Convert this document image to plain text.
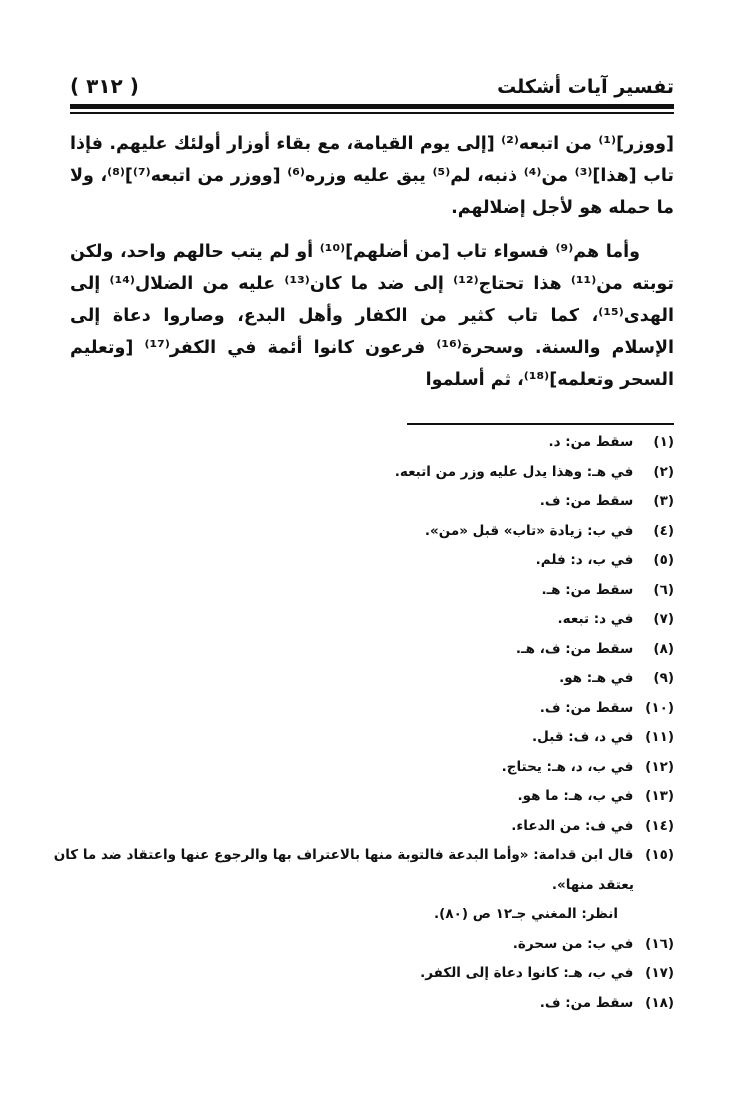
تفسير آيات أشكلت
( ٣١٢ )

[ووزر]⁽¹⁾ من اتبعه⁽²⁾ [إلى يوم القيامة، مع بقاء أوزار أولئك عليهم. فإذا تاب [هذا]⁽³⁾ من⁽⁴⁾ ذنبه، لم⁽⁵⁾ يبق عليه وزره⁽⁶⁾ [ووزر من اتبعه⁽⁷⁾]⁽⁸⁾، ولا ما حمله هو لأجل إضلالهم.

وأما هم⁽⁹⁾ فسواء تاب [من أضلهم]⁽¹⁰⁾ أو لم يتب حالهم واحد، ولكن توبته من⁽¹¹⁾ هذا تحتاج⁽¹²⁾ إلى ضد ما كان⁽¹³⁾ عليه من الضلال⁽¹⁴⁾ إلى الهدى⁽¹⁵⁾، كما تاب كثير من الكفار وأهل البدع، وصاروا دعاة إلى الإسلام والسنة. وسحرة⁽¹⁶⁾ فرعون كانوا أئمة في الكفر⁽¹⁷⁾ [وتعليم السحر وتعلمه]⁽¹⁸⁾، ثم أسلموا

(١) سقط من: د.
(٢) في هـ: وهذا يدل عليه وزر من اتبعه.
(٣) سقط من: ف.
(٤) في ب: زيادة «تاب» قبل «من».
(٥) في ب، د: فلم.
(٦) سقط من: هـ.
(٧) في د: تبعه.
(٨) سقط من: ف، هـ.
(٩) في هـ: هو.
(١٠) سقط من: ف.
(١١) في د، ف: قبل.
(١٢) في ب، د، هـ: يحتاج.
(١٣) في ب، هـ: ما هو.
(١٤) في ف: من الدعاء.
(١٥) قال ابن قدامة: «وأما البدعة فالتوبة منها بالاعتراف بها والرجوع عنها واعتقاد ضد ما كان
يعتقد منها».
انظر: المغني جـ١٢ ص (٨٠).
(١٦) في ب: من سحرة.
(١٧) في ب، هـ: كانوا دعاة إلى الكفر.
(١٨) سقط من: ف.
